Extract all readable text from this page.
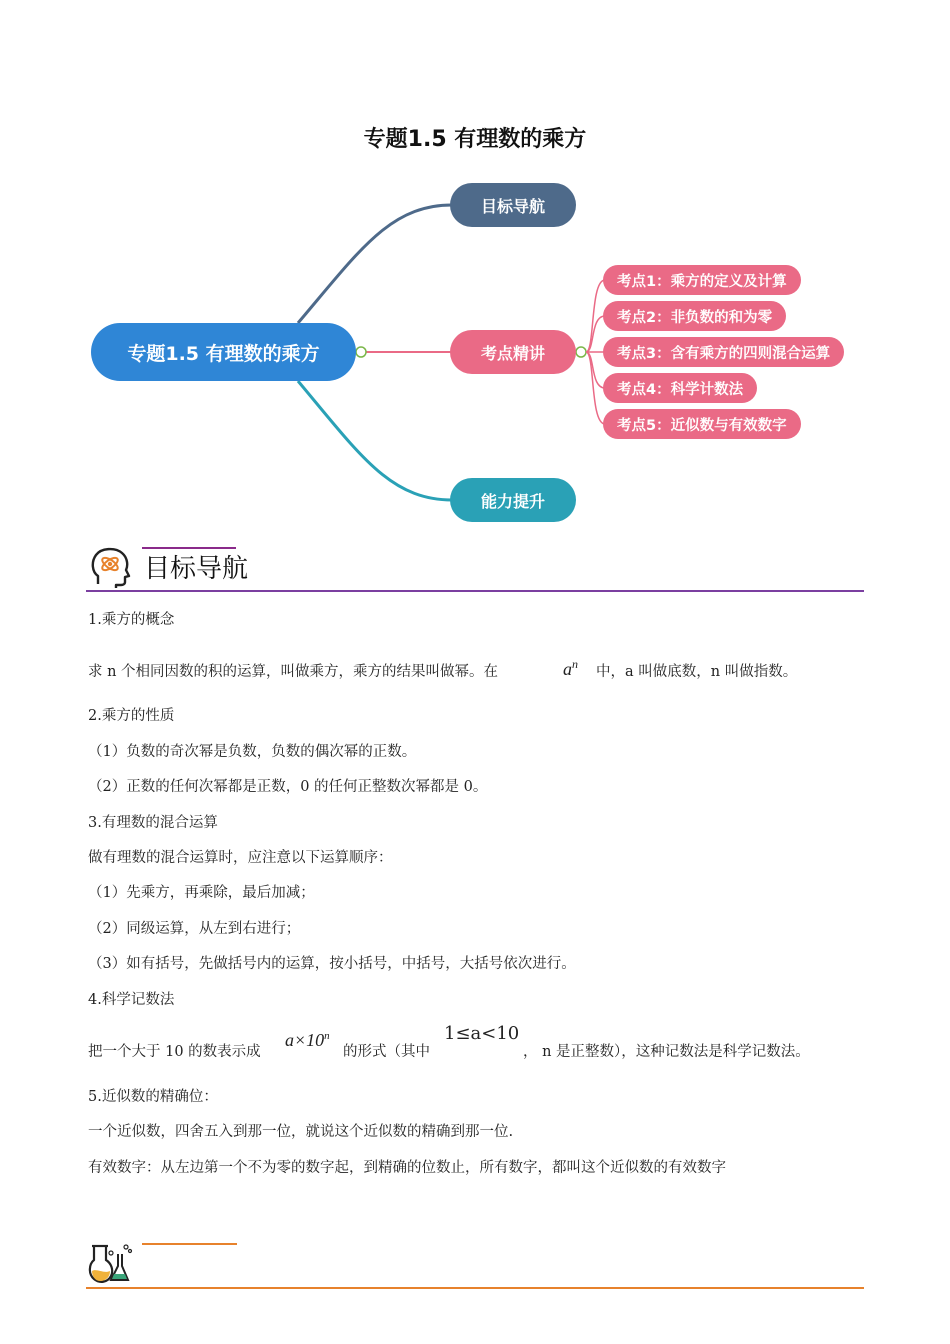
专题1.5 有理数的乘方
专题1.5 有理数的乘方
目标导航
考点精讲
能力提升
考点1：乘方的定义及计算
考点2：非负数的和为零
考点3：含有乘方的四则混合运算
考点4：科学计数法
考点5：近似数与有效数字
目标导航
1.乘方的概念
求 n 个相同因数的积的运算，叫做乘方，乘方的结果叫做幂。在	$a^n$ 中，a 叫做底数，n 叫做指数。
2.乘方的性质
（1）负数的奇次幂是负数，负数的偶次幂的正数。
（2）正数的任何次幂都是正数，0 的任何正整数次幂都是 0。
3.有理数的混合运算
做有理数的混合运算时，应注意以下运算顺序：
（1）先乘方，再乘除，最后加减；
（2）同级运算，从左到右进行；
（3）如有括号，先做括号内的运算，按小括号，中括号，大括号依次进行。
4.科学记数法
把一个大于 10 的数表示成
$a\times 10^n$
的形式（其中
1≤a<10
， n 是正整数），这种记数法是科学记数法。
5.近似数的精确位：
一个近似数，四舍五入到那一位，就说这个近似数的精确到那一位.
有效数字：从左边第一个不为零的数字起，到精确的位数止，所有数字，都叫这个近似数的有效数字
